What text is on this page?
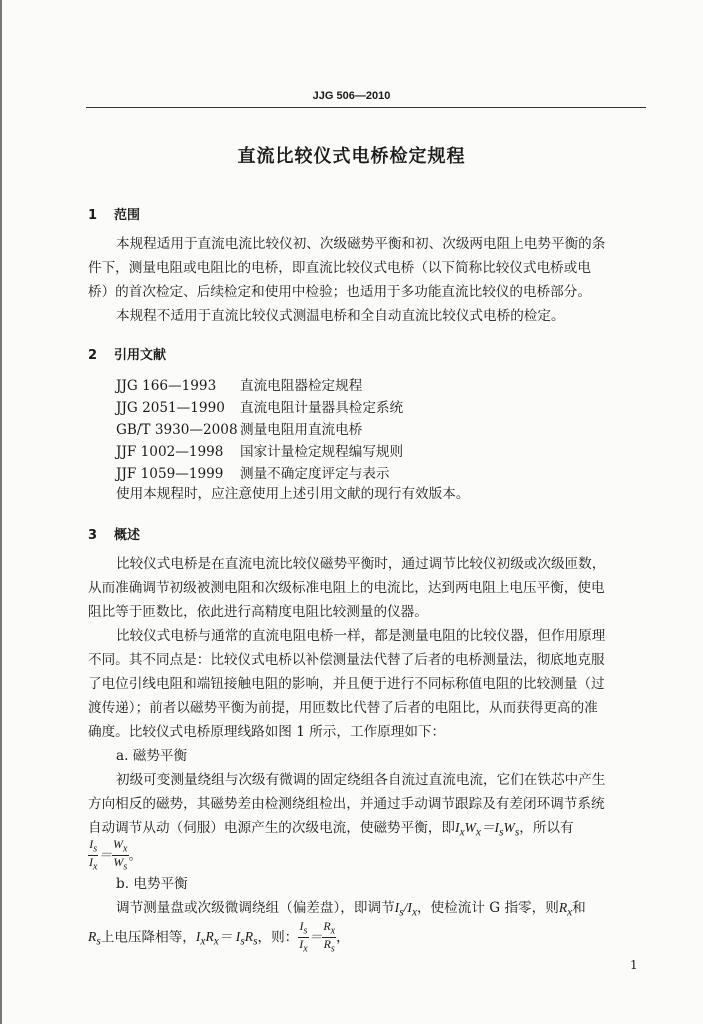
JJG 506—2010
直流比较仪式电桥检定规程
1 范围
本规程适用于直流电流比较仪初、次级磁势平衡和初、次级两电阻上电势平衡的条
件下，测量电阻或电阻比的电桥，即直流比较仪式电桥（以下简称比较仪式电桥或电
桥）的首次检定、后续检定和使用中检验；也适用于多功能直流比较仪的电桥部分。
本规程不适用于直流比较仪式测温电桥和全自动直流比较仪式电桥的检定。
2 引用文献
JJG 166—1993 直流电阻器检定规程
JJG 2051—1990 直流电阻计量器具检定系统
GB/T 3930—2008 测量电阻用直流电桥
JJF 1002—1998 国家计量检定规程编写规则
JJF 1059—1999 测量不确定度评定与表示
使用本规程时，应注意使用上述引用文献的现行有效版本。
3 概述
比较仪式电桥是在直流电流比较仪磁势平衡时，通过调节比较仪初级或次级匝数，
从而准确调节初级被测电阻和次级标准电阻上的电流比，达到两电阻上电压平衡，使电
阻比等于匝数比，依此进行高精度电阻比较测量的仪器。
比较仪式电桥与通常的直流电阻电桥一样，都是测量电阻的比较仪器，但作用原理
不同。其不同点是：比较仪式电桥以补偿测量法代替了后者的电桥测量法，彻底地克服
了电位引线电阻和端钮接触电阻的影响，并且便于进行不同标称值电阻的比较测量（过
渡传递）；前者以磁势平衡为前提，用匝数比代替了后者的电阻比，从而获得更高的准
确度。比较仪式电桥原理线路如图 1 所示，工作原理如下：
a. 磁势平衡
初级可变测量绕组与次级有微调的固定绕组各自流过直流电流，它们在铁芯中产生
方向相反的磁势，其磁势差由检测绕组检出，并通过手动调节跟踪及有差闭环调节系统
自动调节从动（伺服）电源产生的次级电流，使磁势平衡，即$I_xW_x=I_sW_s$，所以有
$\frac{I_s}{I_x} = \frac{W_x}{W_s}$ 。
b. 电势平衡
调节测量盘或次级微调绕组（偏差盘），即调节$I_s/I_x$，使检流计 G 指零，则$R_x$和
$R_s$上电压降相等，$I_xR_x= I_sR_s$，则： $\frac{I_s}{I_x} = \frac{R_x}{R_s}$ ，
1
